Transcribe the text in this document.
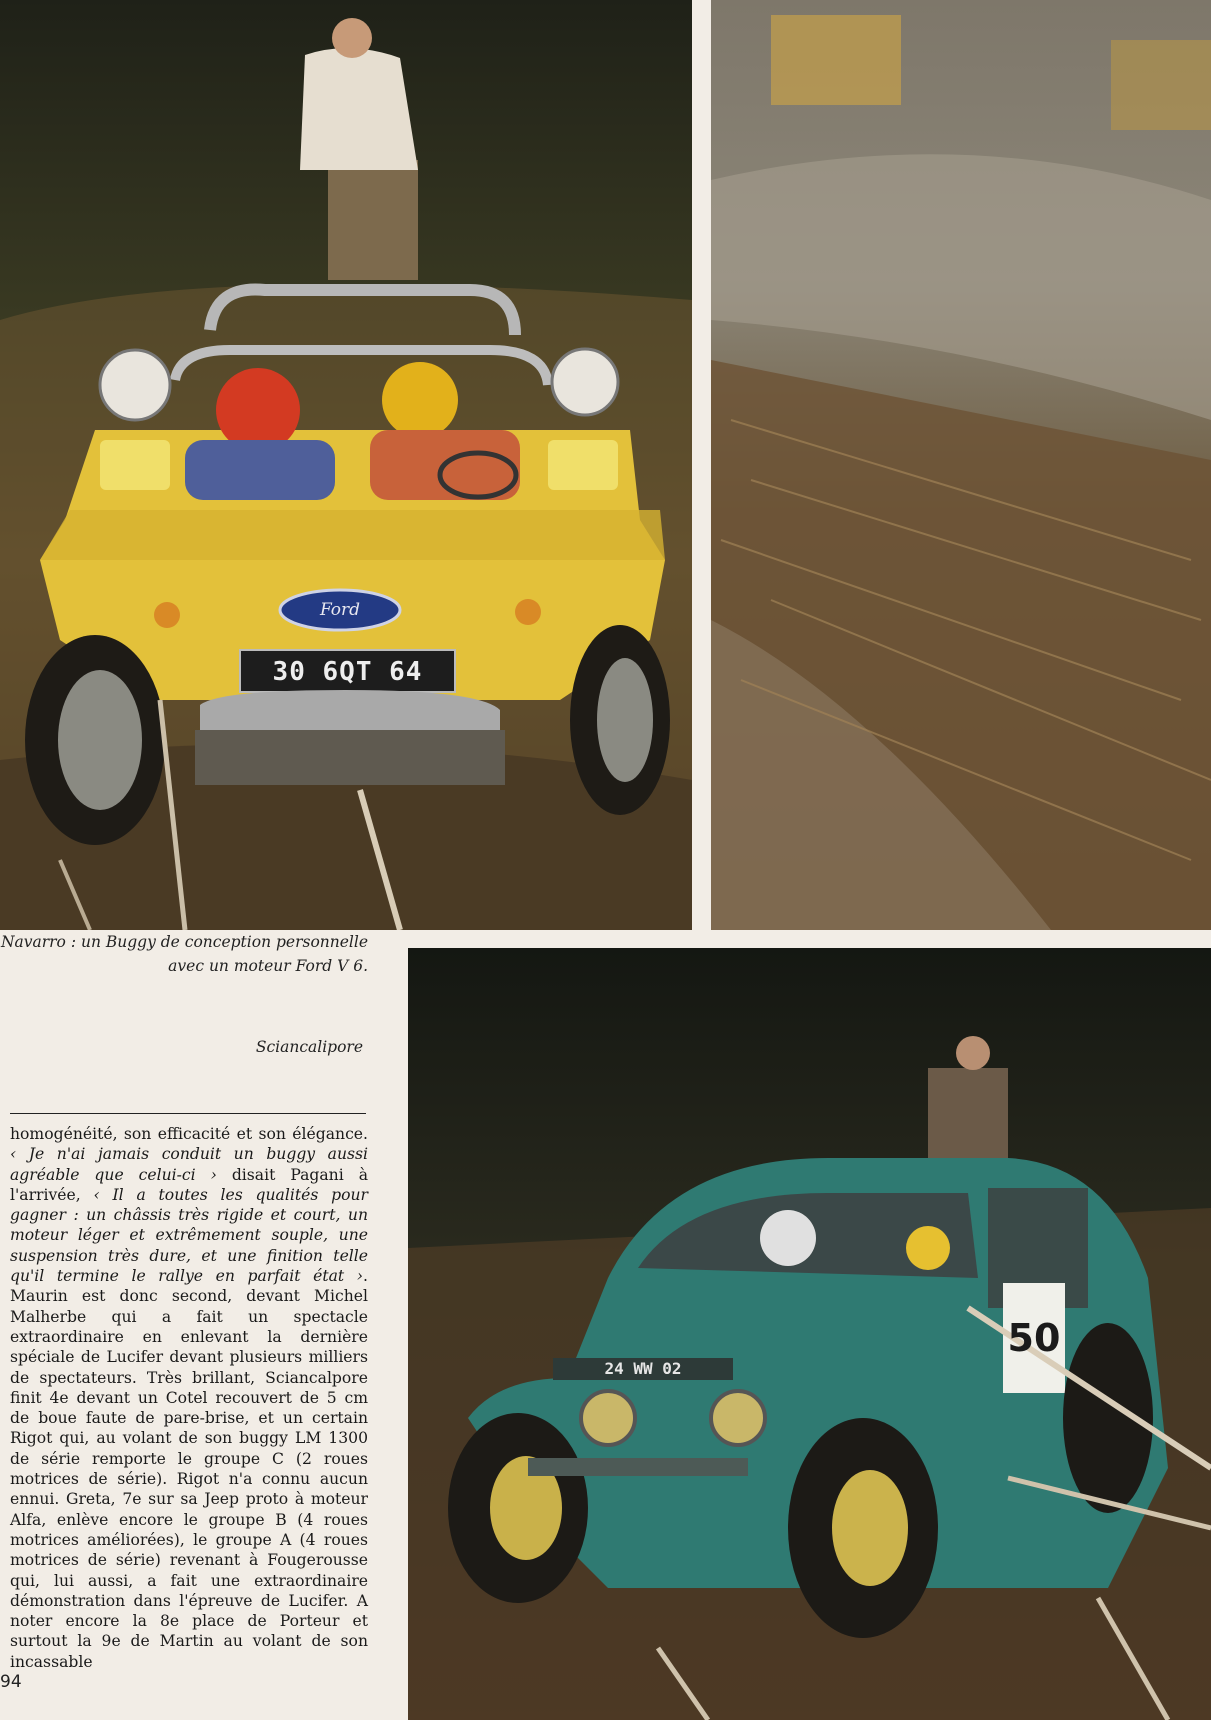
30 6QT 64
Ford
24 WW 02
50
Navarro : un Buggy de conception personnelle
avec un moteur Ford V 6.
Sciancalipore

homogénéité, son efficacité et son élégance. ‹ Je n'ai jamais conduit un buggy aussi agréable que celui-ci › disait Pagani à l'arrivée, ‹ Il a toutes les qualités pour gagner : un châssis très rigide et court, un moteur léger et extrêmement souple, une suspension très dure, et une finition telle qu'il termine le rallye en parfait état ›. Maurin est donc second, devant Michel Malherbe qui a fait un spectacle extraordinaire en enlevant la dernière spéciale de Lucifer devant plusieurs milliers de spectateurs. Très brillant, Sciancalpore finit 4e devant un Cotel recouvert de 5 cm de boue faute de pare-brise, et un certain Rigot qui, au volant de son buggy LM 1300 de série remporte le groupe C (2 roues motrices de série). Rigot n'a connu aucun ennui. Greta, 7e sur sa Jeep proto à moteur Alfa, enlève encore le groupe B (4 roues motrices améliorées), le groupe A (4 roues motrices de série) revenant à Fougerousse qui, lui aussi, a fait une extraordinaire démonstration dans l'épreuve de Lucifer. A noter encore la 8e place de Porteur et surtout la 9e de Martin au volant de son incassable

94
